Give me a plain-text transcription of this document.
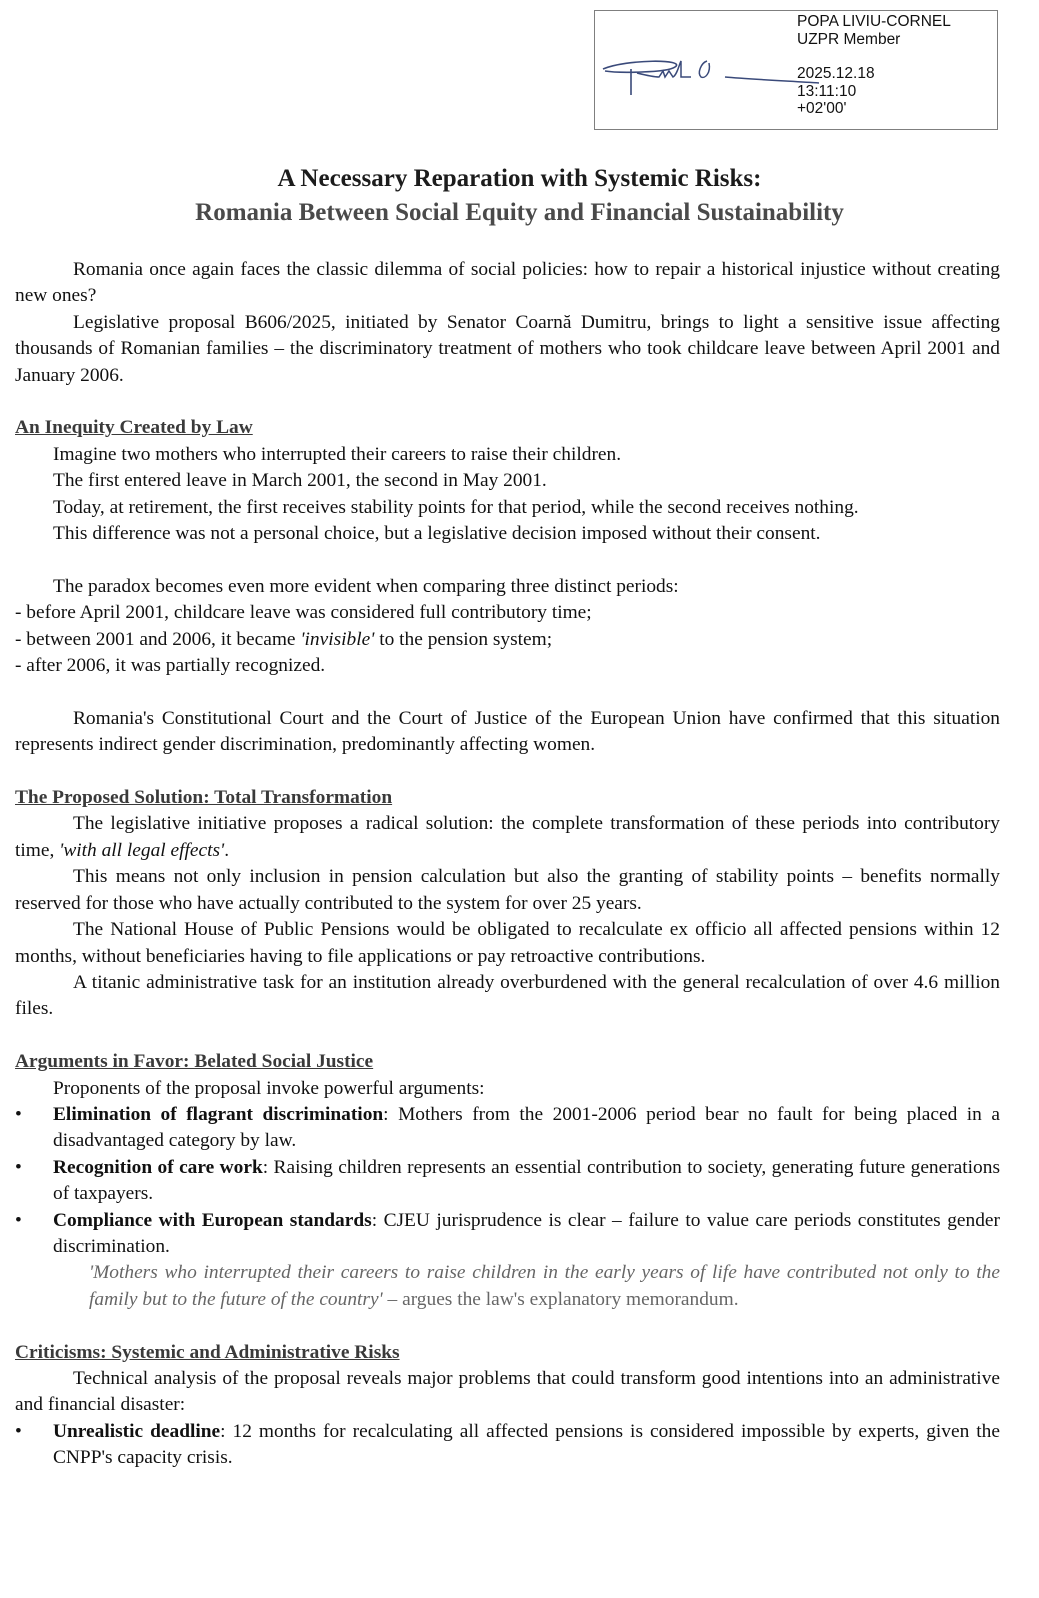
POPA LIVIU-CORNEL
UZPR Member
2025.12.18
13:11:10
+02'00'
A Necessary Reparation with Systemic Risks:
Romania Between Social Equity and Financial Sustainability

Romania once again faces the classic dilemma of social policies: how to repair a historical injustice without creating new ones?

Legislative proposal B606/2025, initiated by Senator Coarnă Dumitru, brings to light a sensitive issue affecting thousands of Romanian families – the discriminatory treatment of mothers who took childcare leave between April 2001 and January 2006.

An Inequity Created by Law

Imagine two mothers who interrupted their careers to raise their children.

The first entered leave in March 2001, the second in May 2001.

Today, at retirement, the first receives stability points for that period, while the second receives nothing.

This difference was not a personal choice, but a legislative decision imposed without their consent.

The paradox becomes even more evident when comparing three distinct periods:

- before April 2001, childcare leave was considered full contributory time;

- between 2001 and 2006, it became 'invisible' to the pension system;

- after 2006, it was partially recognized.

Romania's Constitutional Court and the Court of Justice of the European Union have confirmed that this situation represents indirect gender discrimination, predominantly affecting women.

The Proposed Solution: Total Transformation

The legislative initiative proposes a radical solution: the complete transformation of these periods into contributory time, 'with all legal effects'.

This means not only inclusion in pension calculation but also the granting of stability points – benefits normally reserved for those who have actually contributed to the system for over 25 years.

The National House of Public Pensions would be obligated to recalculate ex officio all affected pensions within 12 months, without beneficiaries having to file applications or pay retroactive contributions.

A titanic administrative task for an institution already overburdened with the general recalculation of over 4.6 million files.

Arguments in Favor: Belated Social Justice

Proponents of the proposal invoke powerful arguments:

• Elimination of flagrant discrimination: Mothers from the 2001-2006 period bear no fault for being placed in a disadvantaged category by law.
• Recognition of care work: Raising children represents an essential contribution to society, generating future generations of taxpayers.
• Compliance with European standards: CJEU jurisprudence is clear – failure to value care periods constitutes gender discrimination.

'Mothers who interrupted their careers to raise children in the early years of life have contributed not only to the family but to the future of the country' – argues the law's explanatory memorandum.

Criticisms: Systemic and Administrative Risks

Technical analysis of the proposal reveals major problems that could transform good intentions into an administrative and financial disaster:

• Unrealistic deadline: 12 months for recalculating all affected pensions is considered impossible by experts, given the CNPP's capacity crisis.
